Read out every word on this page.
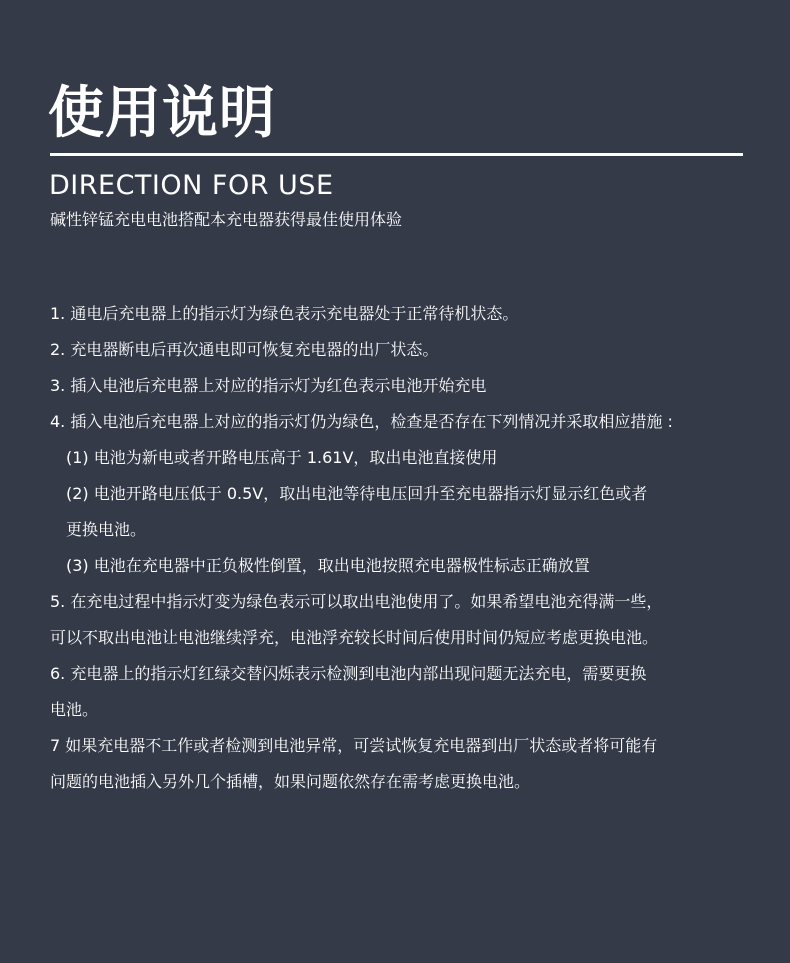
使用说明
DIRECTION FOR USE
碱性锌锰充电电池搭配本充电器获得最佳使用体验
1. 通电后充电器上的指示灯为绿色表示充电器处于正常待机状态。
2. 充电器断电后再次通电即可恢复充电器的出厂状态。
3. 插入电池后充电器上对应的指示灯为红色表示电池开始充电
4. 插入电池后充电器上对应的指示灯仍为绿色，检查是否存在下列情况并采取相应措施 :
(1) 电池为新电或者开路电压高于 1.61V，取出电池直接使用
(2) 电池开路电压低于 0.5V，取出电池等待电压回升至充电器指示灯显示红色或者
更换电池。
(3) 电池在充电器中正负极性倒置，取出电池按照充电器极性标志正确放置
5. 在充电过程中指示灯变为绿色表示可以取出电池使用了。如果希望电池充得满一些，
可以不取出电池让电池继续浮充，电池浮充较长时间后使用时间仍短应考虑更换电池。
6. 充电器上的指示灯红绿交替闪烁表示检测到电池内部出现问题无法充电，需要更换
电池。
7 如果充电器不工作或者检测到电池异常，可尝试恢复充电器到出厂状态或者将可能有
问题的电池插入另外几个插槽，如果问题依然存在需考虑更换电池。
